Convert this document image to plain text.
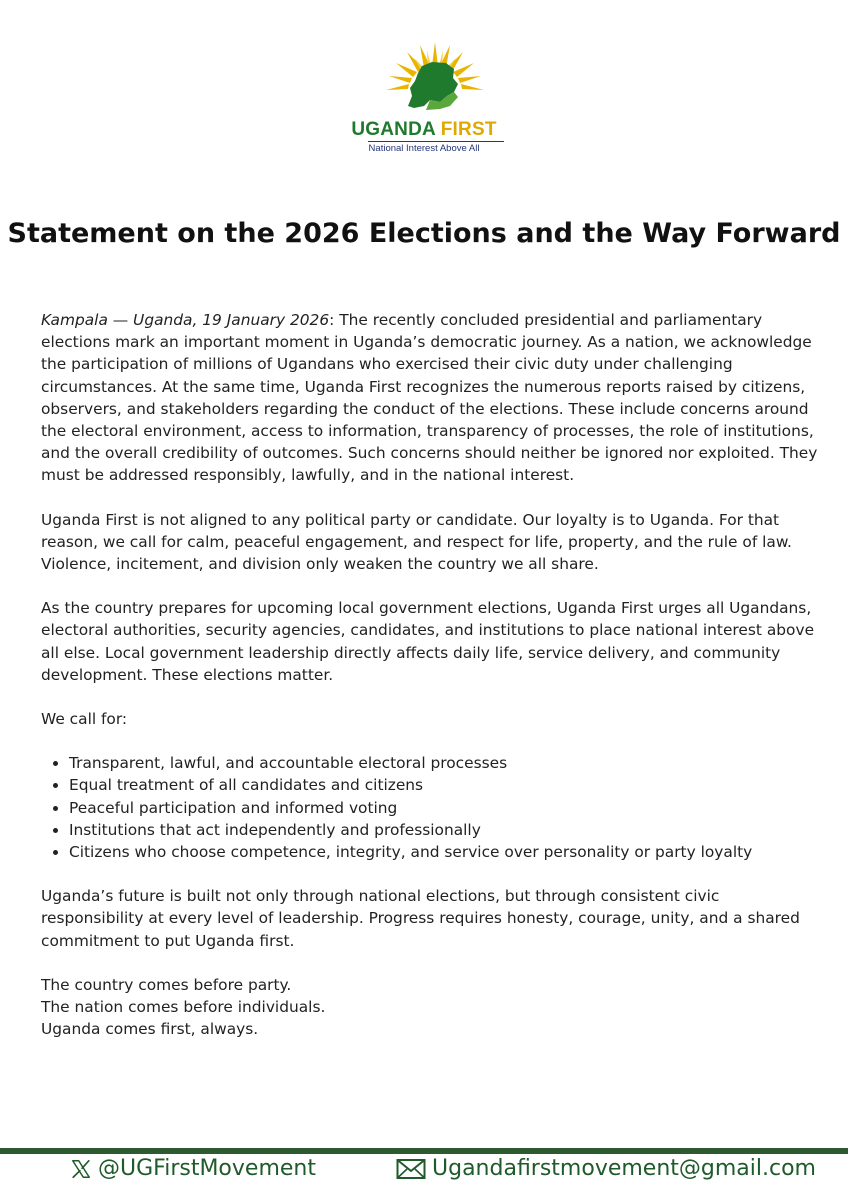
UGANDA FIRST
National Interest Above All
Statement on the 2026 Elections and the Way Forward

Kampala — Uganda, 19 January 2026: The recently concluded presidential and parliamentary elections mark an important moment in Uganda’s democratic journey. As a nation, we acknowledge the participation of millions of Ugandans who exercised their civic duty under challenging circumstances. At the same time, Uganda First recognizes the numerous reports raised by citizens, observers, and stakeholders regarding the conduct of the elections. These include concerns around the electoral environment, access to information, transparency of processes, the role of institutions, and the overall credibility of outcomes. Such concerns should neither be ignored nor exploited. They must be addressed responsibly, lawfully, and in the national interest.

Uganda First is not aligned to any political party or candidate. Our loyalty is to Uganda. For that reason, we call for calm, peaceful engagement, and respect for life, property, and the rule of law. Violence, incitement, and division only weaken the country we all share.

As the country prepares for upcoming local government elections, Uganda First urges all Ugandans, electoral authorities, security agencies, candidates, and institutions to place national interest above all else. Local government leadership directly affects daily life, service delivery, and community development. These elections matter.

We call for:

• Transparent, lawful, and accountable electoral processes
• Equal treatment of all candidates and citizens
• Peaceful participation and informed voting
• Institutions that act independently and professionally
• Citizens who choose competence, integrity, and service over personality or party loyalty

Uganda’s future is built not only through national elections, but through consistent civic responsibility at every level of leadership. Progress requires honesty, courage, unity, and a shared commitment to put Uganda first.

The country comes before party.

The nation comes before individuals.

Uganda comes first, always.

@UGFirstMovement	Ugandafirstmovement@gmail.com
